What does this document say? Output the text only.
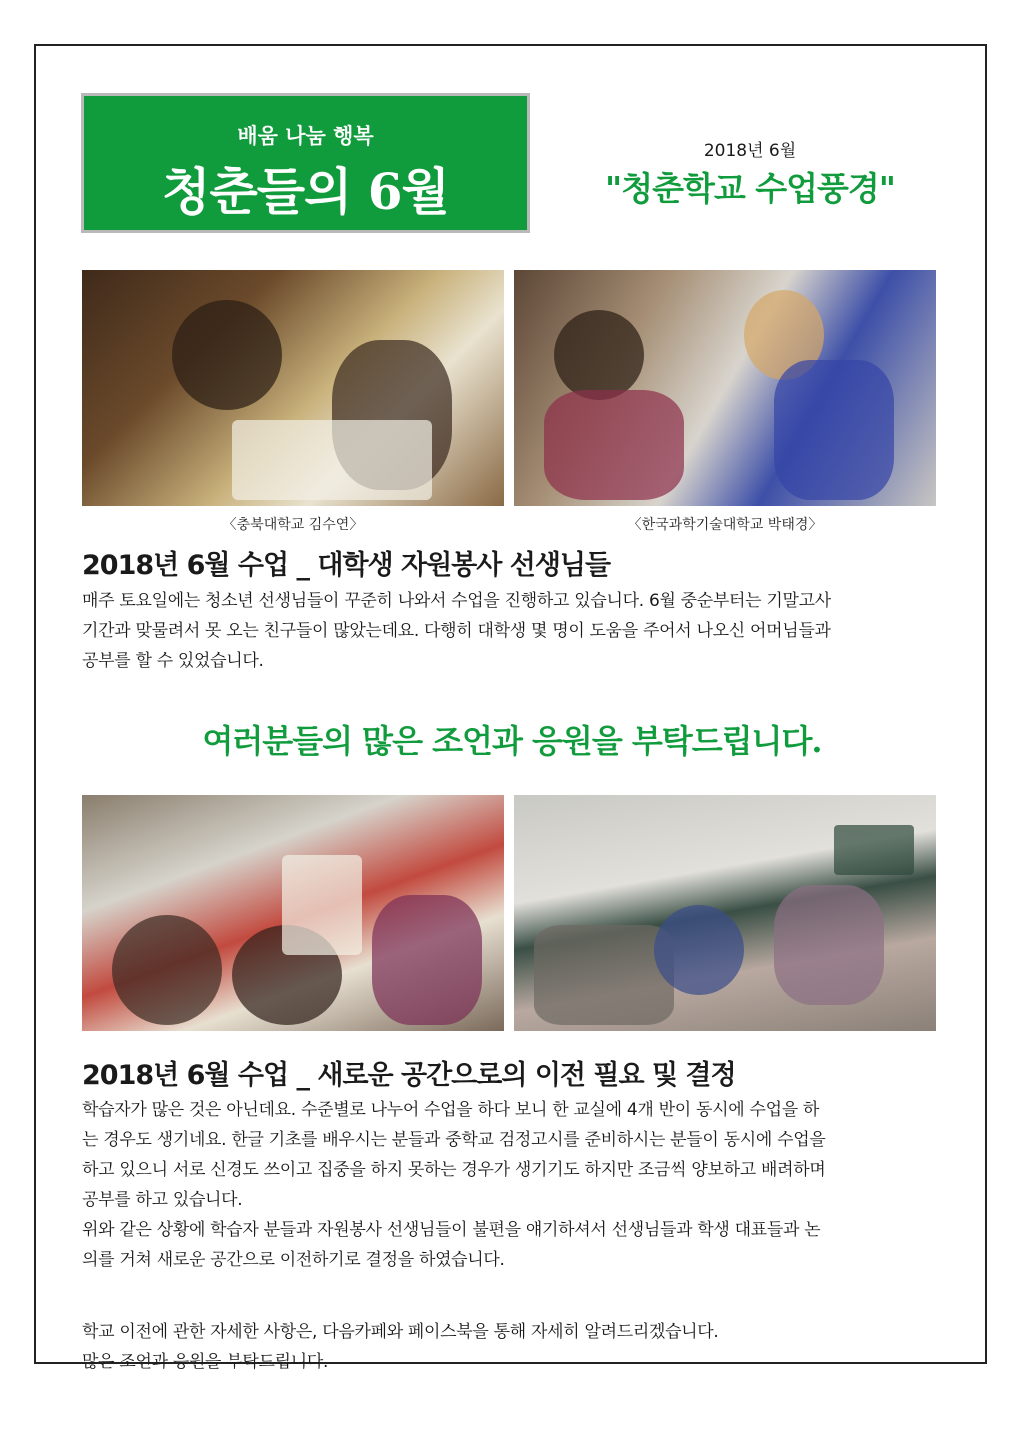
배움 나눔 행복
청춘들의 6월
2018년 6월
"청춘학교 수업풍경"
〈충북대학교 김수연〉	〈한국과학기술대학교 박태경〉
2018년 6월 수업 _ 대학생 자원봉사 선생님들

매주 토요일에는 청소년 선생님들이 꾸준히 나와서 수업을 진행하고 있습니다. 6월 중순부터는 기말고사
기간과 맞물려서 못 오는 친구들이 많았는데요. 다행히 대학생 몇 명이 도움을 주어서 나오신 어머님들과
공부를 할 수 있었습니다.

여러분들의 많은 조언과 응원을 부탁드립니다.
2018년 6월 수업 _ 새로운 공간으로의 이전 필요 및 결정

학습자가 많은 것은 아닌데요. 수준별로 나누어 수업을 하다 보니 한 교실에 4개 반이 동시에 수업을 하
는 경우도 생기네요. 한글 기초를 배우시는 분들과 중학교 검정고시를 준비하시는 분들이 동시에 수업을
하고 있으니 서로 신경도 쓰이고 집중을 하지 못하는 경우가 생기기도 하지만 조금씩 양보하고 배려하며
공부를 하고 있습니다.
위와 같은 상황에 학습자 분들과 자원봉사 선생님들이 불편을 얘기하셔서 선생님들과 학생 대표들과 논
의를 거쳐 새로운 공간으로 이전하기로 결정을 하였습니다.

학교 이전에 관한 자세한 사항은, 다음카페와 페이스북을 통해 자세히 알려드리겠습니다.
많은 조언과 응원을 부탁드립니다.
